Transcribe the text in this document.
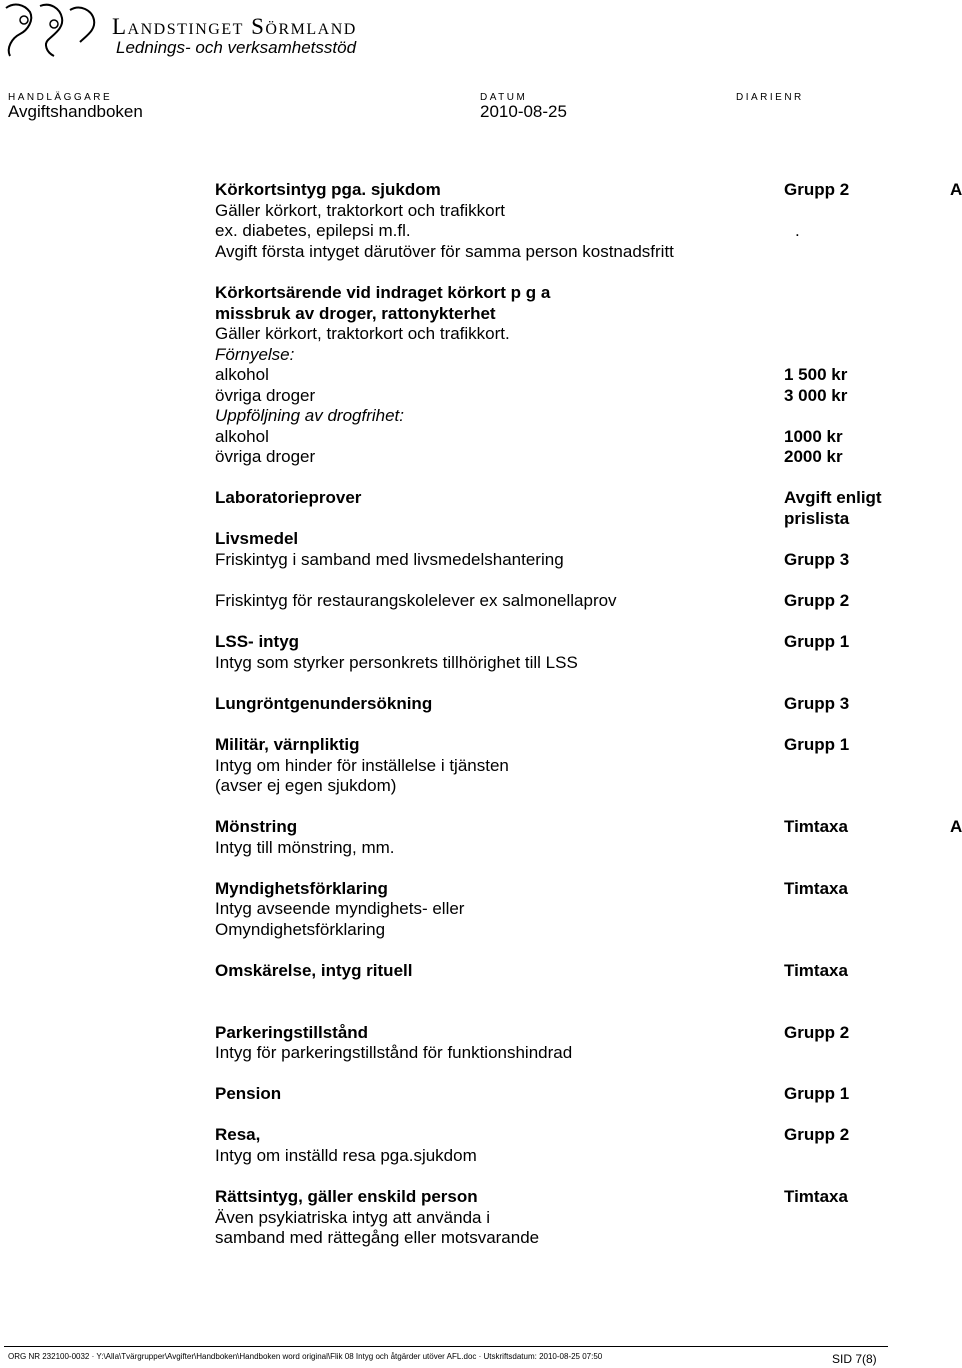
Landstinget Sörmland
Lednings- och verksamhetsstöd
HANDLÄGGARE	DATUM	DIARIENR
Avgiftshandboken	2010-08-25
Körkortsintyg pga. sjukdom	Grupp 2	A
Gäller körkort, traktorkort och trafikkort
ex. diabetes, epilepsi m.fl.	.
Avgift första intyget därutöver för samma person kostnadsfritt
Körkortsärende vid indraget körkort p g a
missbruk av droger, rattonykterhet
Gäller körkort, traktorkort och trafikkort.
Förnyelse:
alkohol	1 500 kr
övriga droger	3 000 kr
Uppföljning av drogfrihet:
alkohol	1000 kr
övriga droger	2000 kr
Laboratorieprover	Avgift enligt
prislista
Livsmedel
Friskintyg i samband med livsmedelshantering	Grupp 3
Friskintyg för restaurangskolelever ex salmonellaprov	Grupp 2
LSS- intyg	Grupp 1
Intyg som styrker personkrets tillhörighet till LSS
Lungröntgenundersökning	Grupp 3
Militär, värnpliktig	Grupp 1
Intyg om hinder för inställelse i tjänsten
(avser ej egen sjukdom)
Mönstring	Timtaxa	A
Intyg till mönstring, mm.
Myndighetsförklaring	Timtaxa
Intyg avseende myndighets- eller
Omyndighetsförklaring
Omskärelse, intyg rituell	Timtaxa
Parkeringstillstånd	Grupp 2
Intyg för parkeringstillstånd för funktionshindrad
Pension	Grupp 1
Resa,	Grupp 2
Intyg om inställd resa pga.sjukdom
Rättsintyg, gäller enskild person	Timtaxa
Även psykiatriska intyg att använda i
samband med rättegång eller motsvarande
ORG NR 232100-0032 · Y:\Alla\Tvärgrupper\Avgifter\Handboken\Handboken word original\Flik 08 Intyg och åtgärder utöver AFL.doc · Utskriftsdatum: 2010-08-25 07:50	SID 7(8)
